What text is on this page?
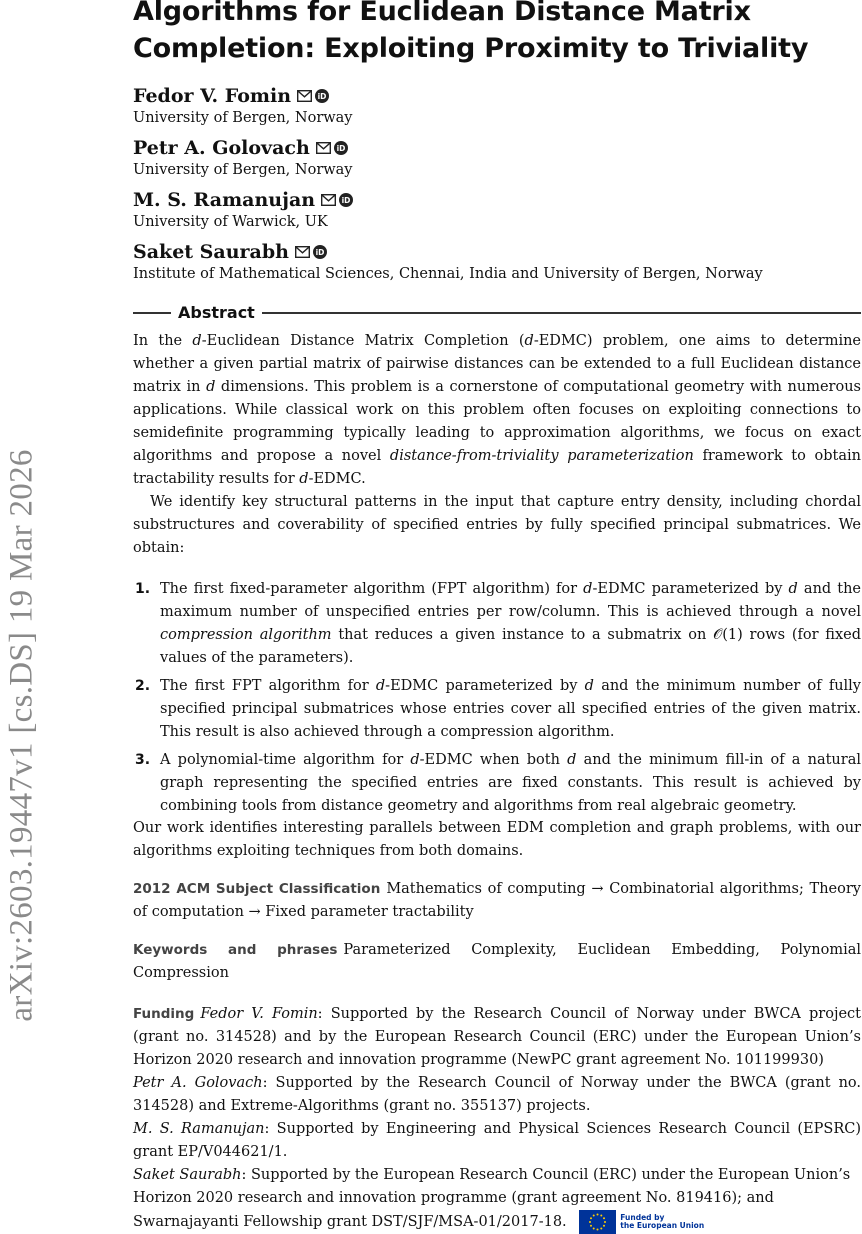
arXiv:2603.19447v1 [cs.DS] 19 Mar 2026
Algorithms for Euclidean Distance Matrix
Completion: Exploiting Proximity to Triviality
Fedor V. Fomin	iD
University of Bergen, Norway
Petr A. Golovach	iD
University of Bergen, Norway
M. S. Ramanujan	iD
University of Warwick, UK
Saket Saurabh	iD
Institute of Mathematical Sciences, Chennai, India and University of Bergen, Norway
Abstract
In the d-Euclidean Distance Matrix Completion (d-EDMC) problem, one aims to determine whether a given partial matrix of pairwise distances can be extended to a full Euclidean distance matrix in d dimensions. This problem is a cornerstone of computational geometry with numerous applications. While classical work on this problem often focuses on exploiting connections to semidefinite programming typically leading to approximation algorithms, we focus on exact algorithms and propose a novel distance-from-triviality parameterization framework to obtain tractability results for d-EDMC.
We identify key structural patterns in the input that capture entry density, including chordal substructures and coverability of specified entries by fully specified principal submatrices. We obtain:
1. The first fixed-parameter algorithm (FPT algorithm) for d-EDMC parameterized by d and the maximum number of unspecified entries per row/column. This is achieved through a novel compression algorithm that reduces a given instance to a submatrix on 𝒪(1) rows (for fixed values of the parameters).
2. The first FPT algorithm for d-EDMC parameterized by d and the minimum number of fully specified principal submatrices whose entries cover all specified entries of the given matrix. This result is also achieved through a compression algorithm.
3. A polynomial-time algorithm for d-EDMC when both d and the minimum fill-in of a natural graph representing the specified entries are fixed constants. This result is achieved by combining tools from distance geometry and algorithms from real algebraic geometry.
Our work identifies interesting parallels between EDM completion and graph problems, with our algorithms exploiting techniques from both domains.
2012 ACM Subject Classification Mathematics of computing → Combinatorial algorithms; Theory of computation → Fixed parameter tractability
Keywords and phrases Parameterized Complexity, Euclidean Embedding, Polynomial Compression
Funding Fedor V. Fomin: Supported by the Research Council of Norway under BWCA project (grant no. 314528) and by the European Research Council (ERC) under the European Union’s Horizon 2020 research and innovation programme (NewPC grant agreement No. 101199930)
Petr A. Golovach: Supported by the Research Council of Norway under the BWCA (grant no. 314528) and Extreme-Algorithms (grant no. 355137) projects.
M. S. Ramanujan: Supported by Engineering and Physical Sciences Research Council (EPSRC) grant EP/V044621/1.
Saket Saurabh: Supported by the European Research Council (ERC) under the European Union’s Horizon 2020 research and innovation programme (grant agreement No. 819416); and Swarnajayanti Fellowship grant DST/SJF/MSA-01/2017-18.	Funded by
the European Union
